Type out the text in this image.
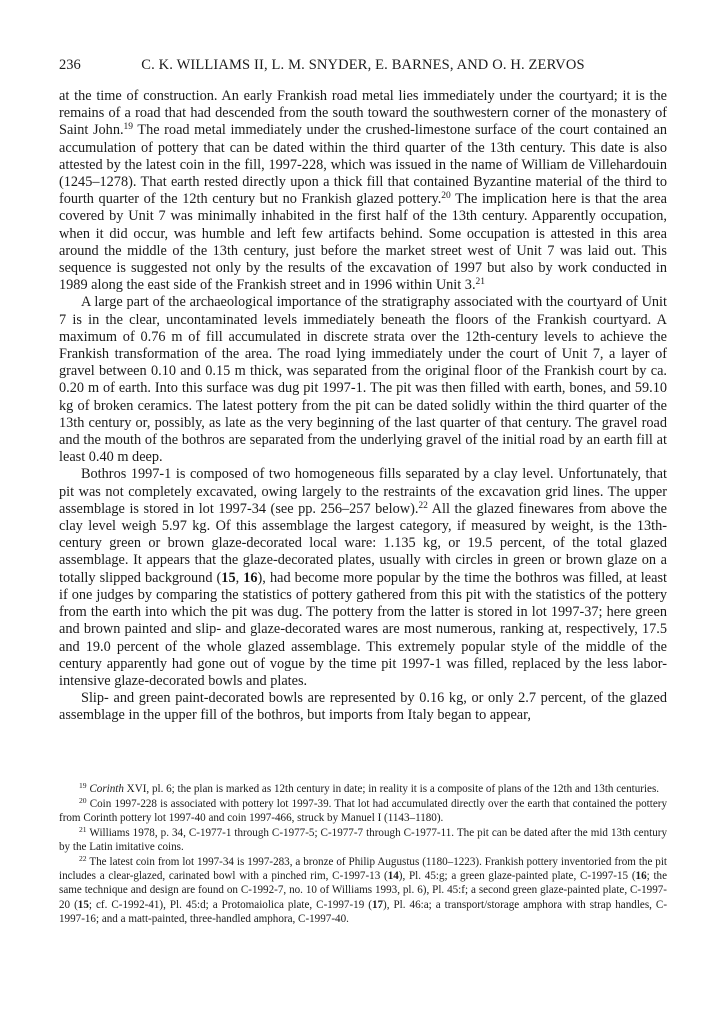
236	C. K. WILLIAMS II, L. M. SNYDER, E. BARNES, AND O. H. ZERVOS

at the time of construction. An early Frankish road metal lies immediately under the courtyard; it is the remains of a road that had descended from the south toward the southwestern corner of the monastery of Saint John.$^{19}$ The road metal immediately under the crushed-limestone surface of the court contained an accumulation of pottery that can be dated within the third quarter of the 13th century. This date is also attested by the latest coin in the fill, 1997-228, which was issued in the name of William de Villehardouin (1245–1278). That earth rested directly upon a thick fill that contained Byzantine material of the third to fourth quarter of the 12th century but no Frankish glazed pottery.$^{20}$ The implication here is that the area covered by Unit 7 was minimally inhabited in the first half of the 13th century. Apparently occupation, when it did occur, was humble and left few artifacts behind. Some occupation is attested in this area around the middle of the 13th century, just before the market street west of Unit 7 was laid out. This sequence is suggested not only by the results of the excavation of 1997 but also by work conducted in 1989 along the east side of the Frankish street and in 1996 within Unit 3.21

A large part of the archaeological importance of the stratigraphy associated with the courtyard of Unit 7 is in the clear, uncontaminated levels immediately beneath the floors of the Frankish courtyard. A maximum of 0.76 m of fill accumulated in discrete strata over the 12th-century levels to achieve the Frankish transformation of the area. The road lying immediately under the court of Unit 7, a layer of gravel between 0.10 and 0.15 m thick, was separated from the original floor of the Frankish court by ca. 0.20 m of earth. Into this surface was dug pit 1997-1. The pit was then filled with earth, bones, and 59.10 kg of broken ceramics. The latest pottery from the pit can be dated solidly within the third quarter of the 13th century or, possibly, as late as the very beginning of the last quarter of that century. The gravel road and the mouth of the bothros are separated from the underlying gravel of the initial road by an earth fill at least 0.40 m deep.

Bothros 1997-1 is composed of two homogeneous fills separated by a clay level. Unfortunately, that pit was not completely excavated, owing largely to the restraints of the excavation grid lines. The upper assemblage is stored in lot 1997-34 (see pp. 256–257 below).$^{22}$ All the glazed finewares from above the clay level weigh 5.97 kg. Of this assemblage the largest category, if measured by weight, is the 13th-century green or brown glaze-decorated local ware: 1.135 kg, or 19.5 percent, of the total glazed assemblage. It appears that the glaze-decorated plates, usually with circles in green or brown glaze on a totally slipped background (15, 16), had become more popular by the time the bothros was filled, at least if one judges by comparing the statistics of pottery gathered from this pit with the statistics of the pottery from the earth into which the pit was dug. The pottery from the latter is stored in lot 1997-37; here green and brown painted and slip- and glaze-decorated wares are most numerous, ranking at, respectively, 17.5 and 19.0 percent of the whole glazed assemblage. This extremely popular style of the middle of the century apparently had gone out of vogue by the time pit 1997-1 was filled, replaced by the less labor-intensive glaze-decorated bowls and plates.

Slip- and green paint-decorated bowls are represented by 0.16 kg, or only 2.7 percent, of the glazed assemblage in the upper fill of the bothros, but imports from Italy began to appear,

$^{19}$ Corinth XVI, pl. 6; the plan is marked as 12th century in date; in reality it is a composite of plans of the 12th and 13th centuries.

$^{20}$ Coin 1997-228 is associated with pottery lot 1997-39. That lot had accumulated directly over the earth that contained the pottery from Corinth pottery lot 1997-40 and coin 1997-466, struck by Manuel I (1143–1180).

$^{21}$ Williams 1978, p. 34, C-1977-1 through C-1977-5; C-1977-7 through C-1977-11. The pit can be dated after the mid 13th century by the Latin imitative coins.

$^{22}$ The latest coin from lot 1997-34 is 1997-283, a bronze of Philip Augustus (1180–1223). Frankish pottery inventoried from the pit includes a clear-glazed, carinated bowl with a pinched rim, C-1997-13 (14), Pl. 45:g; a green glaze-painted plate, C-1997-15 (16; the same technique and design are found on C-1992-7, no. 10 of Williams 1993, pl. 6), Pl. 45:f; a second green glaze-painted plate, C-1997-20 (15; cf. C-1992-41), Pl. 45:d; a Protomaiolica plate, C-1997-19 (17), Pl. 46:a; a transport/storage amphora with strap handles, C-1997-16; and a matt-painted, three-handled amphora, C-1997-40.
